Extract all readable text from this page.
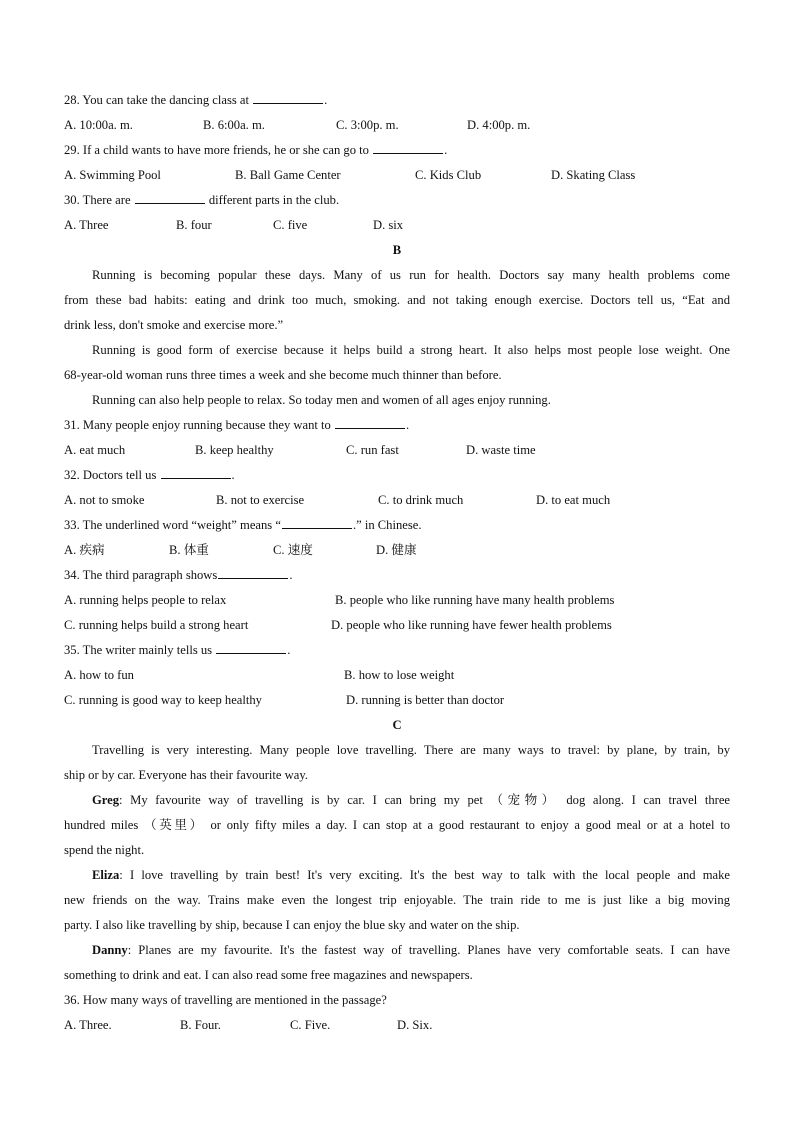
28. You can take the dancing class at	.
A. 10:00a. m.	B. 6:00a. m.	C. 3:00p. m.	D. 4:00p. m.
29. If a child wants to have more friends, he or she can go to	.
A. Swimming Pool	B. Ball Game Center	C. Kids Club	D. Skating Class
30. There are	different parts in the club.
A. Three	B. four	C. five	D. six
B
Running is becoming popular these days. Many of us run for health. Doctors say many health problems come
from these bad habits: eating and drink too much, smoking. and not taking enough exercise. Doctors tell us, “Eat and
drink less, don't smoke and exercise more.”
Running is good form of exercise because it helps build a strong heart. It also helps most people lose weight. One
68-year-old woman runs three times a week and she become much thinner than before.
Running can also help people to relax. So today men and women of all ages enjoy running.
31. Many people enjoy running because they want to	.
A. eat much	B. keep healthy	C. run fast	D. waste time
32. Doctors tell us	.
A. not to smoke	B. not to exercise	C. to drink much	D. to eat much
33. The underlined word “weight” means “	.” in Chinese.
A. 疾病	B. 体重	C. 速度	D. 健康
34. The third paragraph shows	.
A. running helps people to relax	B. people who like running have many health problems
C. running helps build a strong heart	D. people who like running have fewer health problems
35. The writer mainly tells us	.
A. how to fun	B. how to lose weight
C. running is good way to keep healthy	D. running is better than doctor
C
Travelling is very interesting. Many people love travelling. There are many ways to travel: by plane, by train, by
ship or by car. Everyone has their favourite way.
Greg: My favourite way of travelling is by car. I can bring my pet （宠物） dog along. I can travel three
hundred miles （英里） or only fifty miles a day. I can stop at a good restaurant to enjoy a good meal or at a hotel to
spend the night.
Eliza: I love travelling by train best! It's very exciting. It's the best way to talk with the local people and make
new friends on the way. Trains make even the longest trip enjoyable. The train ride to me is just like a big moving
party. I also like travelling by ship, because I can enjoy the blue sky and water on the ship.
Danny: Planes are my favourite. It's the fastest way of travelling. Planes have very comfortable seats. I can have
something to drink and eat. I can also read some free magazines and newspapers.
36. How many ways of travelling are mentioned in the passage?
A. Three.	B. Four.	C. Five.	D. Six.
